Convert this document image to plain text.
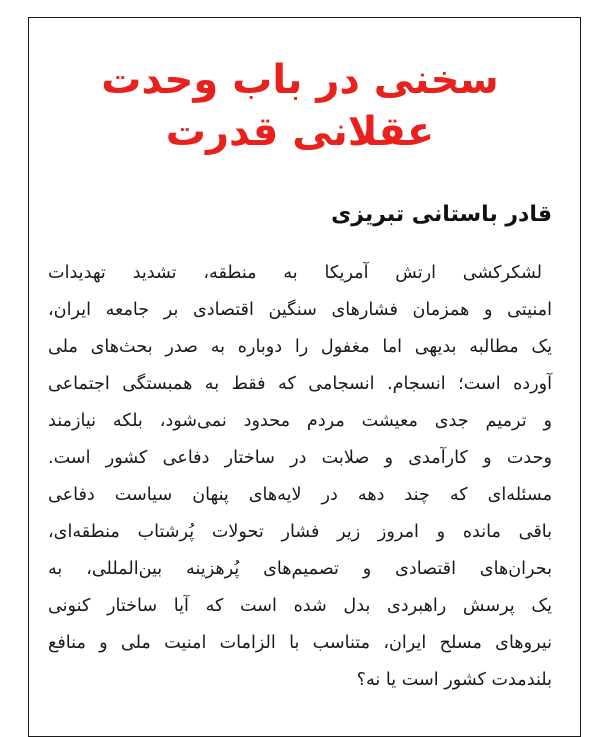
سخنی در باب وحدت
عقلانی قدرت
قادر باستانی تبریزی
لشکرکشی ارتش آمریکا به منطقه، تشدید تهدیدات
امنیتی و همزمان فشارهای سنگین اقتصادی بر جامعه ایران،
یک مطالبه بدیهی اما مغفول را دوباره به صدر بحث‌های ملی
آورده است؛ انسجام. انسجامی که فقط به همبستگی اجتماعی
و ترمیم جدی معیشت مردم محدود نمی‌شود، بلکه نیازمند
وحدت و کارآمدی و صلابت در ساختار دفاعی کشور است.
مسئله‌ای که چند دهه در لایه‌های پنهان سیاست دفاعی
باقی مانده و امروز زیر فشار تحولات پُرشتاب منطقه‌ای،
بحران‌های اقتصادی و تصمیم‌های پُرهزینه بین‌المللی، به
یک پرسش راهبردی بدل شده است که آیا ساختار کنونی
نیروهای مسلح ایران، متناسب با الزامات امنیت ملی و منافع
بلندمدت کشور است یا نه؟
